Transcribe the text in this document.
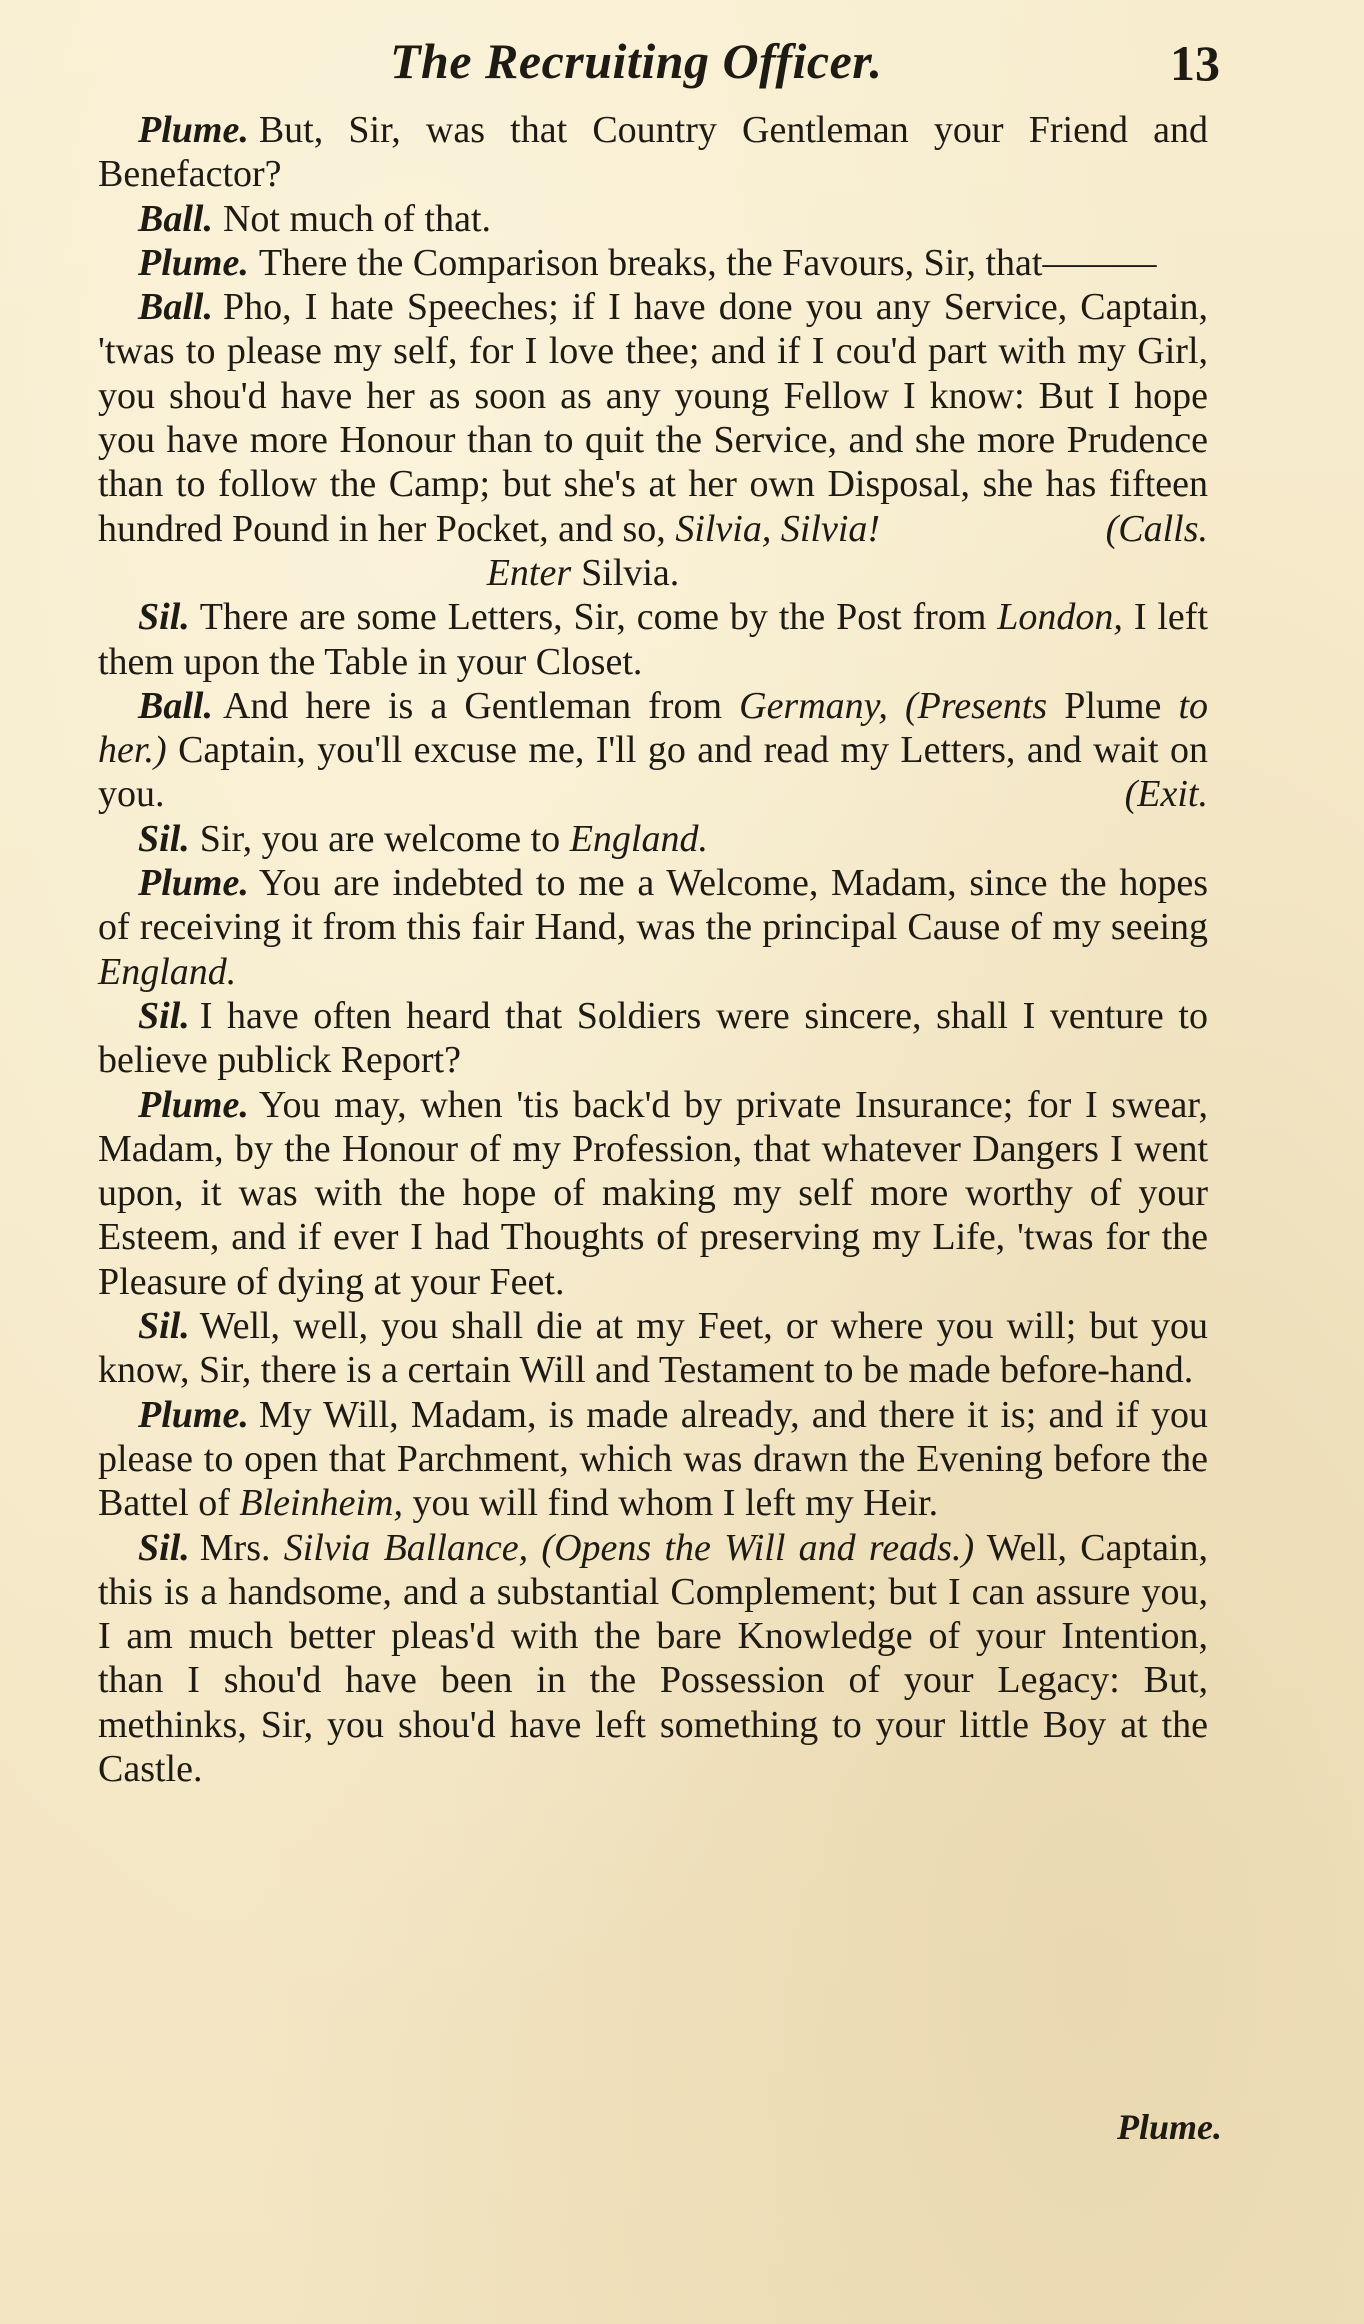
The Recruiting Officer.	13

Plume. But, Sir, was that Country Gentleman your Friend and Benefactor?

Ball. Not much of that.

Plume. There the Comparison breaks, the Favours, Sir, that———

Ball. Pho, I hate Speeches; if I have done you any Service, Captain, 'twas to please my self, for I love thee; and if I cou'd part with my Girl, you shou'd have her as soon as any young Fellow I know: But I hope you have more Honour than to quit the Service, and she more Prudence than to follow the Camp; but she's at her own Disposal, she has fifteen hundred Pound in her Pocket, and so, Silvia, Silvia!	(Calls.

Enter Silvia.

Sil. There are some Letters, Sir, come by the Post from London, I left them upon the Table in your Closet.

Ball. And here is a Gentleman from Germany, (Presents Plume to her.) Captain, you'll excuse me, I'll go and read my Letters, and wait on you.	(Exit.

Sil. Sir, you are welcome to England.

Plume. You are indebted to me a Welcome, Madam, since the hopes of receiving it from this fair Hand, was the principal Cause of my seeing England.

Sil. I have often heard that Soldiers were sincere, shall I venture to believe publick Report?

Plume. You may, when 'tis back'd by private Insurance; for I swear, Madam, by the Honour of my Profession, that whatever Dangers I went upon, it was with the hope of making my self more worthy of your Esteem, and if ever I had Thoughts of preserving my Life, 'twas for the Pleasure of dying at your Feet.

Sil. Well, well, you shall die at my Feet, or where you will; but you know, Sir, there is a certain Will and Testament to be made before-hand.

Plume. My Will, Madam, is made already, and there it is; and if you please to open that Parchment, which was drawn the Evening before the Battel of Bleinheim, you will find whom I left my Heir.

Sil. Mrs. Silvia Ballance, (Opens the Will and reads.) Well, Captain, this is a handsome, and a substantial Complement; but I can assure you, I am much better pleas'd with the bare Knowledge of your Intention, than I shou'd have been in the Possession of your Legacy: But, methinks, Sir, you shou'd have left something to your little Boy at the Castle.

Plume.
